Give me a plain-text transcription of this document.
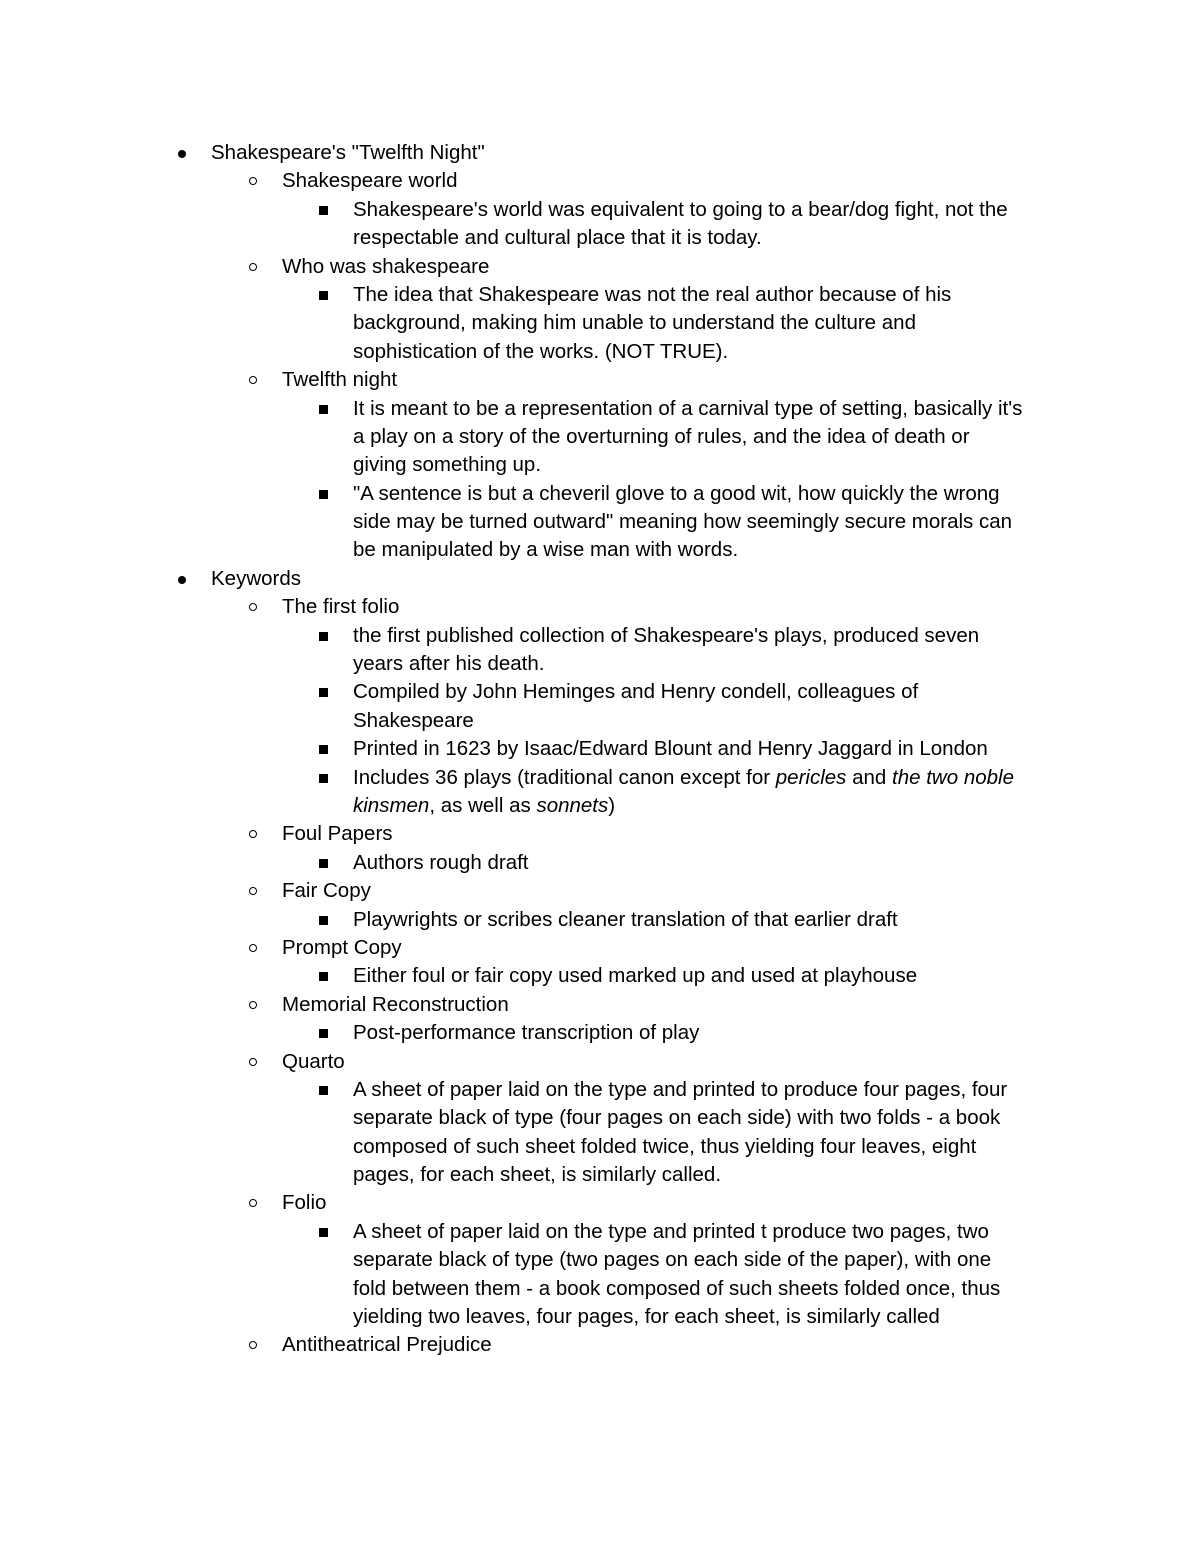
Shakespeare's "Twelfth Night"
Shakespeare world
Shakespeare's world was equivalent to going to a bear/dog fight, not the
respectable and cultural place that it is today.
Who was shakespeare
The idea that Shakespeare was not the real author because of his
background, making him unable to understand the culture and
sophistication of the works. (NOT TRUE).
Twelfth night
It is meant to be a representation of a carnival type of setting, basically it's
a play on a story of the overturning of rules, and the idea of death or
giving something up.
"A sentence is but a cheveril glove to a good wit, how quickly the wrong
side may be turned outward" meaning how seemingly secure morals can
be manipulated by a wise man with words.
Keywords
The first folio
the first published collection of Shakespeare's plays, produced seven
years after his death.
Compiled by John Heminges and Henry condell, colleagues of
Shakespeare
Printed in 1623 by Isaac/Edward Blount and Henry Jaggard in London
Includes 36 plays (traditional canon except for pericles and the two noble
kinsmen, as well as sonnets)
Foul Papers
Authors rough draft
Fair Copy
Playwrights or scribes cleaner translation of that earlier draft
Prompt Copy
Either foul or fair copy used marked up and used at playhouse
Memorial Reconstruction
Post-performance transcription of play
Quarto
A sheet of paper laid on the type and printed to produce four pages, four
separate black of type (four pages on each side) with two folds - a book
composed of such sheet folded twice, thus yielding four leaves, eight
pages, for each sheet, is similarly called.
Folio
A sheet of paper laid on the type and printed t produce two pages, two
separate black of type (two pages on each side of the paper), with one
fold between them - a book composed of such sheets folded once, thus
yielding two leaves, four pages, for each sheet, is similarly called
Antitheatrical Prejudice
